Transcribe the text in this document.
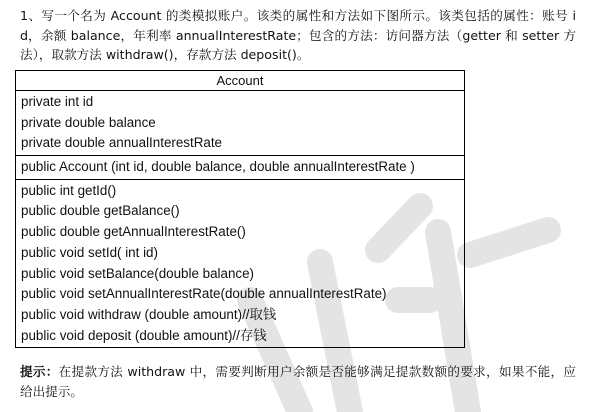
1、写一个名为 Account 的类模拟账户。该类的属性和方法如下图所示。该类包括的属性：账号 id，余额 balance，年利率 annualInterestRate；包含的方法：访问器方法（getter 和 setter 方法），取款方法 withdraw()，存款方法 deposit()。
Account
private int id
private double balance
private double annualInterestRate
public Account (int id, double balance, double annualInterestRate )
public int getId()
public double getBalance()
public double getAnnualInterestRate()
public void setId( int id)
public void setBalance(double balance)
public void setAnnualInterestRate(double annualInterestRate)
public void withdraw (double amount)//取钱
public void deposit (double amount)//存钱
提示：在提款方法 withdraw 中，需要判断用户余额是否能够满足提款数额的要求，如果不能，应给出提示。
